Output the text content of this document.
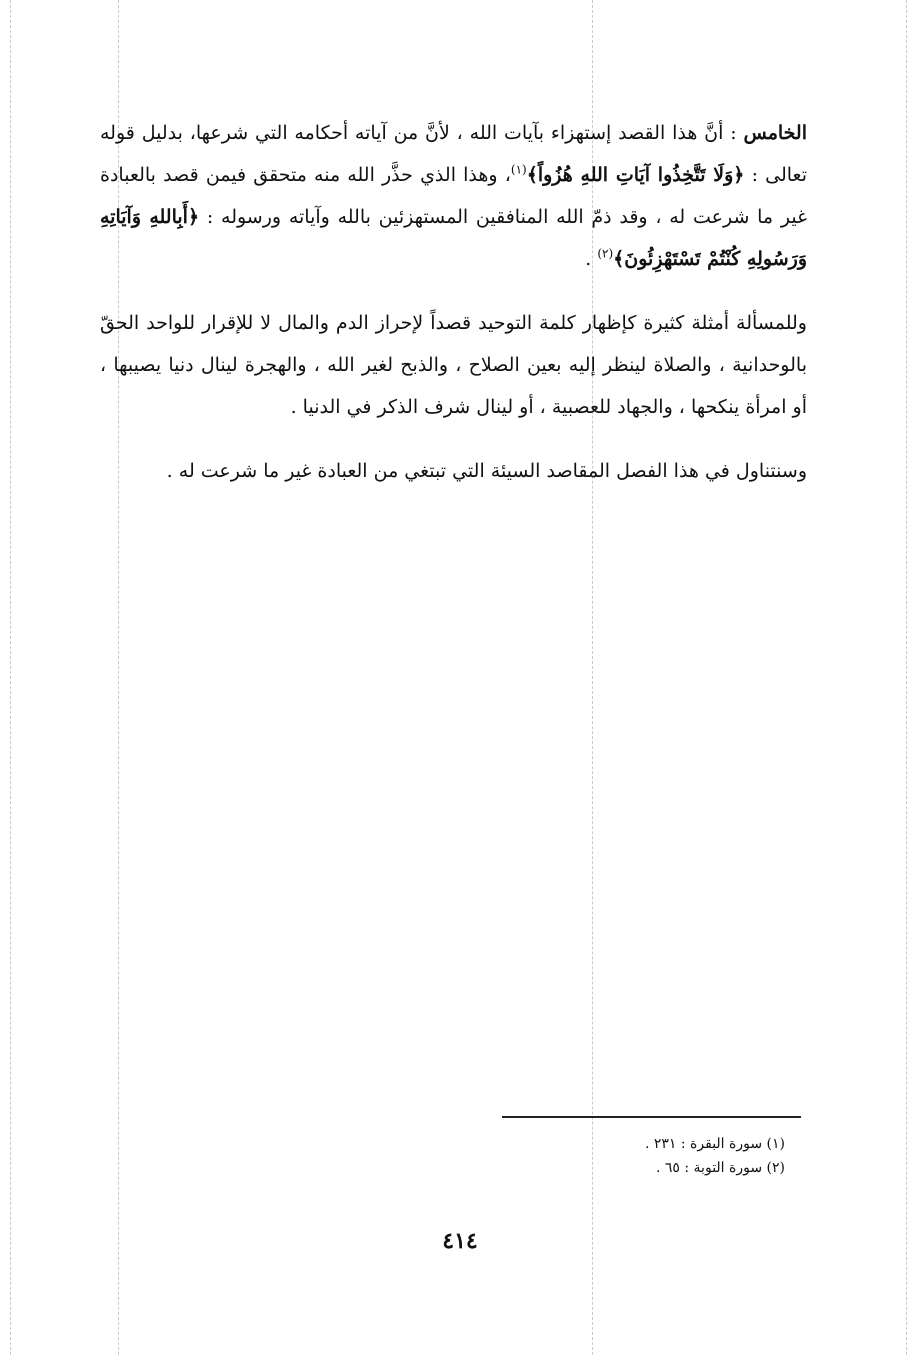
الخامس : أنَّ هذا القصد إستهزاء بآيات الله ، لأنَّ من آياته أحكامه التي شرعها، بدليل قوله تعالى : ﴿وَلَا تَتَّخِذُوا آيَاتِ اللهِ هُزُواً﴾$^{(١)}$، وهذا الذي حذَّر الله منه متحقق فيمن قصد بالعبادة غير ما شرعت له ، وقد ذمّ الله المنافقين المستهزئين بالله وآياته ورسوله : ﴿أَبِاللهِ وَآيَاتِهِ وَرَسُولِهِ كُنْتُمْ تَسْتَهْزِئُونَ﴾$^{(٢)}$ .

وللمسألة أمثلة كثيرة كإظهار كلمة التوحيد قصداً لإحراز الدم والمال لا للإقرار للواحد الحقّ بالوحدانية ، والصلاة لينظر إليه بعين الصلاح ، والذبح لغير الله ، والهجرة لينال دنيا يصيبها ، أو امرأة ينكحها ، والجهاد للعصبية ، أو لينال شرف الذكر في الدنيا .

وسنتناول في هذا الفصل المقاصد السيئة التي تبتغي من العبادة غير ما شرعت له .

(١) سورة البقرة : ٢٣١ .

(٢) سورة التوبة : ٦٥ .

٤١٤
